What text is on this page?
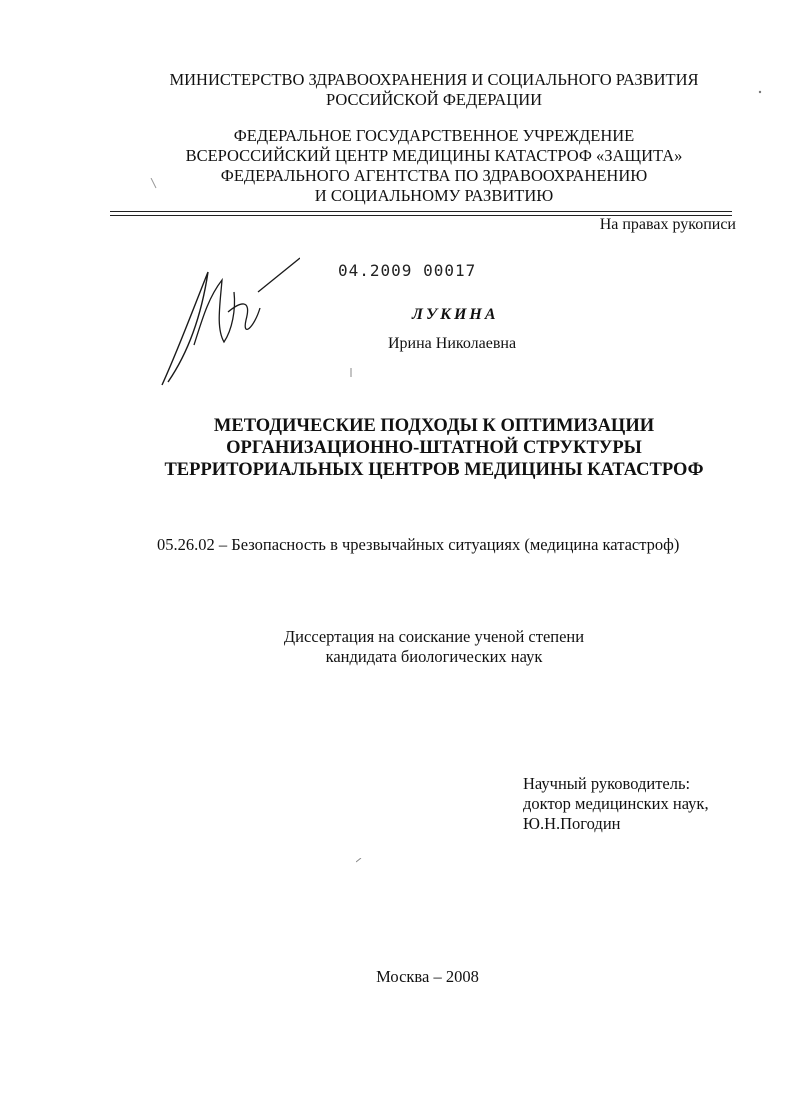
МИНИСТЕРСТВО ЗДРАВООХРАНЕНИЯ И СОЦИАЛЬНОГО РАЗВИТИЯ

РОССИЙСКОЙ ФЕДЕРАЦИИ

ФЕДЕРАЛЬНОЕ ГОСУДАРСТВЕННОЕ УЧРЕЖДЕНИЕ

ВСЕРОССИЙСКИЙ ЦЕНТР МЕДИЦИНЫ КАТАСТРОФ «ЗАЩИТА»

ФЕДЕРАЛЬНОГО АГЕНТСТВА ПО ЗДРАВООХРАНЕНИЮ

И СОЦИАЛЬНОМУ РАЗВИТИЮ

На правах рукописи
04.2009 00017
ЛУКИНА
Ирина Николаевна

МЕТОДИЧЕСКИЕ ПОДХОДЫ К ОПТИМИЗАЦИИ

ОРГАНИЗАЦИОННО-ШТАТНОЙ СТРУКТУРЫ

ТЕРРИТОРИАЛЬНЫХ ЦЕНТРОВ МЕДИЦИНЫ КАТАСТРОФ

05.26.02 – Безопасность в чрезвычайных ситуациях (медицина катастроф)

Диссертация на соискание ученой степени

кандидата биологических наук

Научный руководитель:

доктор медицинских наук,

Ю.Н.Погодин

Москва – 2008
